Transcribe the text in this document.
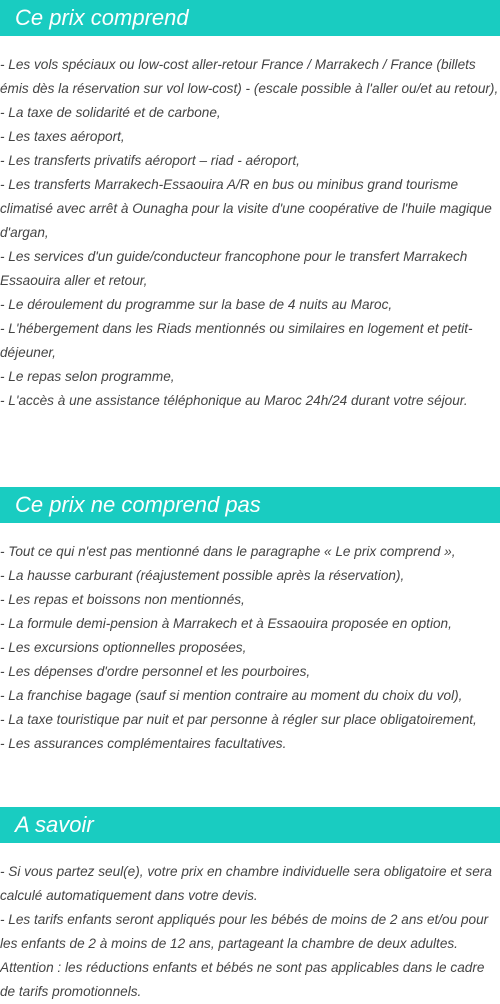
Ce prix comprend
- Les vols spéciaux ou low-cost aller-retour France / Marrakech / France (billets émis dès la réservation sur vol low-cost) - (escale possible à l'aller ou/et au retour),
- La taxe de solidarité et de carbone,
- Les taxes aéroport,
- Les transferts privatifs aéroport – riad - aéroport,
- Les transferts Marrakech-Essaouira A/R en bus ou minibus grand tourisme climatisé avec arrêt à Ounagha pour la visite d'une coopérative de l'huile magique d'argan,
- Les services d'un guide/conducteur francophone pour le transfert Marrakech Essaouira aller et retour,
- Le déroulement du programme sur la base de 4 nuits au Maroc,
- L'hébergement dans les Riads mentionnés ou similaires en logement et petit-déjeuner,
- Le repas selon programme,
- L'accès à une assistance téléphonique au Maroc 24h/24 durant votre séjour.
Ce prix ne comprend pas
- Tout ce qui n'est pas mentionné dans le paragraphe « Le prix comprend »,
- La hausse carburant (réajustement possible après la réservation),
- Les repas et boissons non mentionnés,
- La formule demi-pension à Marrakech et à Essaouira proposée en option,
- Les excursions optionnelles proposées,
- Les dépenses d'ordre personnel et les pourboires,
- La franchise bagage (sauf si mention contraire au moment du choix du vol),
- La taxe touristique par nuit et par personne à régler sur place obligatoirement,
- Les assurances complémentaires facultatives.
A savoir
- Si vous partez seul(e), votre prix en chambre individuelle sera obligatoire et sera calculé automatiquement dans votre devis.
- Les tarifs enfants seront appliqués pour les bébés de moins de 2 ans et/ou pour les enfants de 2 à moins de 12 ans, partageant la chambre de deux adultes.
Attention : les réductions enfants et bébés ne sont pas applicables dans le cadre de tarifs promotionnels.
